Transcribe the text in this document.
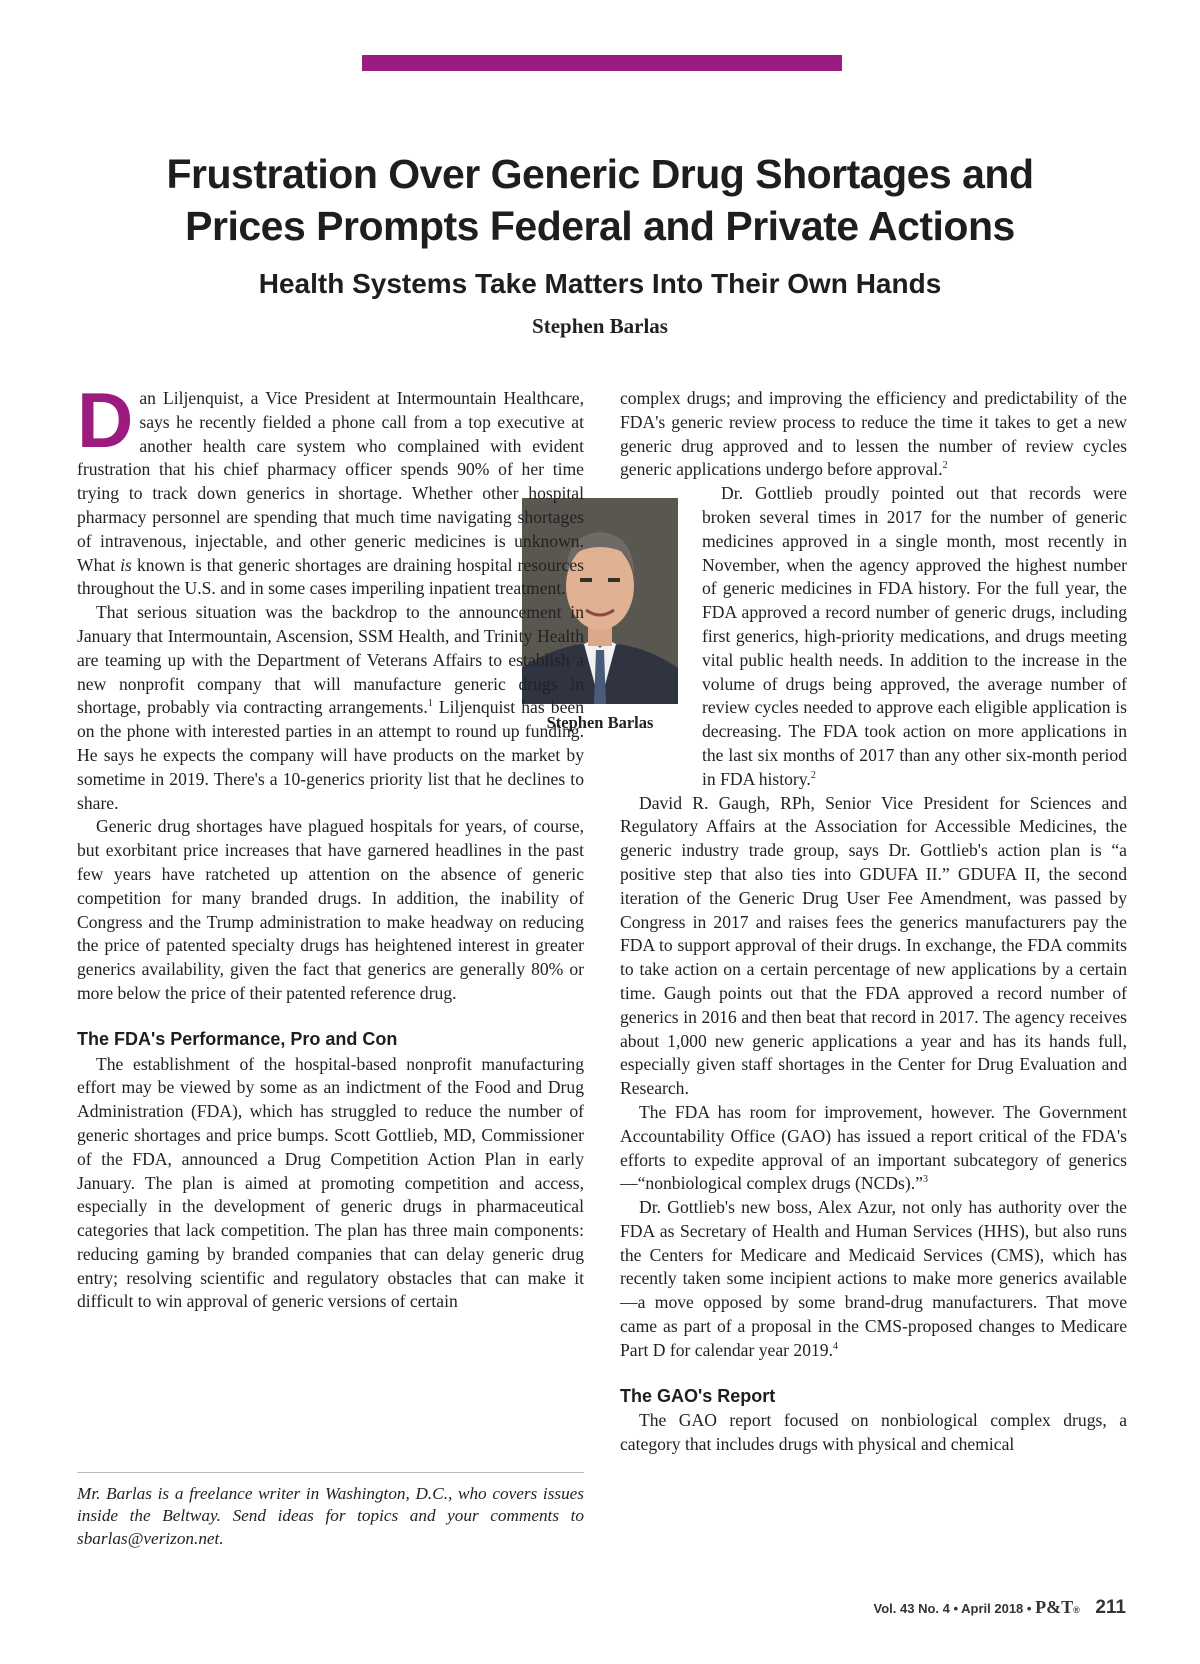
Frustration Over Generic Drug Shortages and
Prices Prompts Federal and Private Actions
Health Systems Take Matters Into Their Own Hands
Stephen Barlas
Stephen Barlas

Dan Liljenquist, a Vice President at Intermountain Healthcare, says he recently fielded a phone call from a top executive at another health care system who complained with evident frustration that his chief pharmacy officer spends 90% of her time trying to track down generics in shortage. Whether other hospital pharmacy personnel are spending that much time navigating shortages of intravenous, injectable, and other generic medicines is unknown. What is known is that generic shortages are draining hospital resources throughout the U.S. and in some cases imperiling inpatient treatment.

That serious situation was the backdrop to the announcement in January that Intermountain, Ascension, SSM Health, and Trinity Health are teaming up with the Department of Veterans Affairs to establish a new nonprofit company that will manufacture generic drugs in shortage, probably via contracting arrangements.$^1$ Liljenquist has been on the phone with interested parties in an attempt to round up funding. He says he expects the company will have products on the market by sometime in 2019. There's a 10-generics priority list that he declines to share.

Generic drug shortages have plagued hospitals for years, of course, but exorbitant price increases that have garnered headlines in the past few years have ratcheted up attention on the absence of generic competition for many branded drugs. In addition, the inability of Congress and the Trump administration to make headway on reducing the price of patented specialty drugs has heightened interest in greater generics availability, given the fact that generics are generally 80% or more below the price of their patented reference drug.

The FDA's Performance, Pro and Con

The establishment of the hospital-based nonprofit manufacturing effort may be viewed by some as an indictment of the Food and Drug Administration (FDA), which has struggled to reduce the number of generic shortages and price bumps. Scott Gottlieb, MD, Commissioner of the FDA, announced a Drug Competition Action Plan in early January. The plan is aimed at promoting competition and access, especially in the development of generic drugs in pharmaceutical categories that lack competition. The plan has three main components: reducing gaming by branded companies that can delay generic drug entry; resolving scientific and regulatory obstacles that can make it difficult to win approval of generic versions of certain

Mr. Barlas is a freelance writer in Washington, D.C., who covers issues inside the Beltway. Send ideas for topics and your comments to sbarlas@verizon.net.

complex drugs; and improving the efficiency and predictability of the FDA's generic review process to reduce the time it takes to get a new generic drug approved and to lessen the number of review cycles generic applications undergo before approval.$^2$

Dr. Gottlieb proudly pointed out that records were broken several times in 2017 for the number of generic medicines approved in a single month, most recently in November, when the agency approved the highest number of generic medicines in FDA history. For the full year, the FDA approved a record number of generic drugs, including first generics, high-priority medications, and drugs meeting vital public health needs. In addition to the increase in the volume of drugs being approved, the average number of review cycles needed to approve each eligible application is decreasing. The FDA took action on more applications in the last six months of 2017 than any other six-month period in FDA history.$^2$

David R. Gaugh, RPh, Senior Vice President for Sciences and Regulatory Affairs at the Association for Accessible Medicines, the generic industry trade group, says Dr. Gottlieb's action plan is “a positive step that also ties into GDUFA II.” GDUFA II, the second iteration of the Generic Drug User Fee Amendment, was passed by Congress in 2017 and raises fees the generics manufacturers pay the FDA to support approval of their drugs. In exchange, the FDA commits to take action on a certain percentage of new applications by a certain time. Gaugh points out that the FDA approved a record number of generics in 2016 and then beat that record in 2017. The agency receives about 1,000 new generic applications a year and has its hands full, especially given staff shortages in the Center for Drug Evaluation and Research.

The FDA has room for improvement, however. The Government Accountability Office (GAO) has issued a report critical of the FDA's efforts to expedite approval of an important subcategory of generics—“nonbiological complex drugs (NCDs).”$^3$

Dr. Gottlieb's new boss, Alex Azur, not only has authority over the FDA as Secretary of Health and Human Services (HHS), but also runs the Centers for Medicare and Medicaid Services (CMS), which has recently taken some incipient actions to make more generics available—a move opposed by some brand-drug manufacturers. That move came as part of a proposal in the CMS-proposed changes to Medicare Part D for calendar year 2019.$^4$

The GAO's Report

The GAO report focused on nonbiological complex drugs, a category that includes drugs with physical and chemical

Vol. 43 No. 4 • April 2018 • P&T® 211
